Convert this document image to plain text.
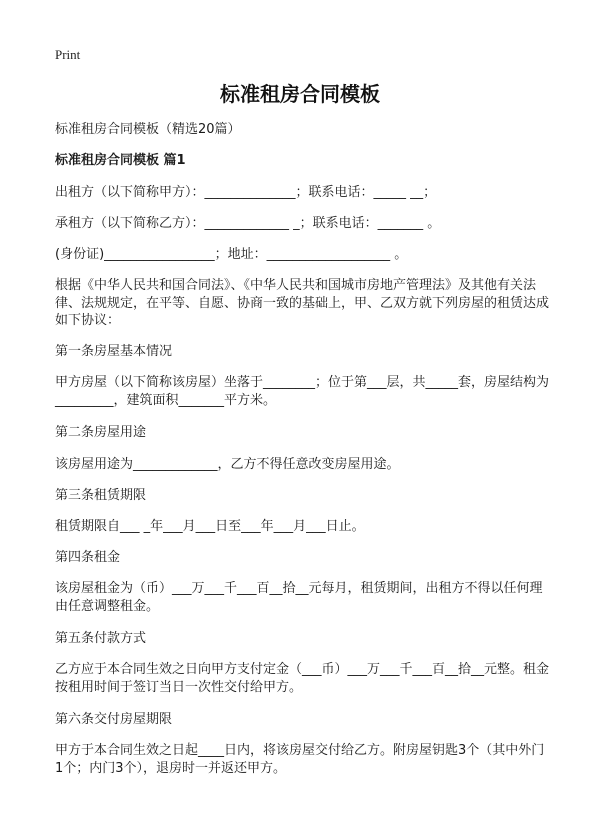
Print
标准租房合同模板
标准租房合同模板（精选20篇）
标准租房合同模板 篇1
出租方（以下简称甲方）：______________；联系电话：_____ __；
承租方（以下简称乙方）：_____________ _；联系电话：_______ 。
(身份证)_________________；地址：___________________ 。
根据《中华人民共和国合同法》、《中华人民共和国城市房地产管理法》及其他有关法律、法规规定，在平等、自愿、协商一致的基础上，甲、乙双方就下列房屋的租赁达成如下协议：
第一条房屋基本情况
甲方房屋（以下简称该房屋）坐落于________；位于第___层，共_____套，房屋结构为_________，建筑面积_______平方米。
第二条房屋用途
该房屋用途为_____________，乙方不得任意改变房屋用途。
第三条租赁期限
租赁期限自___ _年___月___日至___年___月___日止。
第四条租金
该房屋租金为（币）___万___千___百__拾__元每月，租赁期间，出租方不得以任何理由任意调整租金。
第五条付款方式
乙方应于本合同生效之日向甲方支付定金（___币）___万___千___百__拾__元整。租金按租用时间于签订当日一次性交付给甲方。
第六条交付房屋期限
甲方于本合同生效之日起____日内，将该房屋交付给乙方。附房屋钥匙3个（其中外门1个；内门3个），退房时一并返还甲方。
